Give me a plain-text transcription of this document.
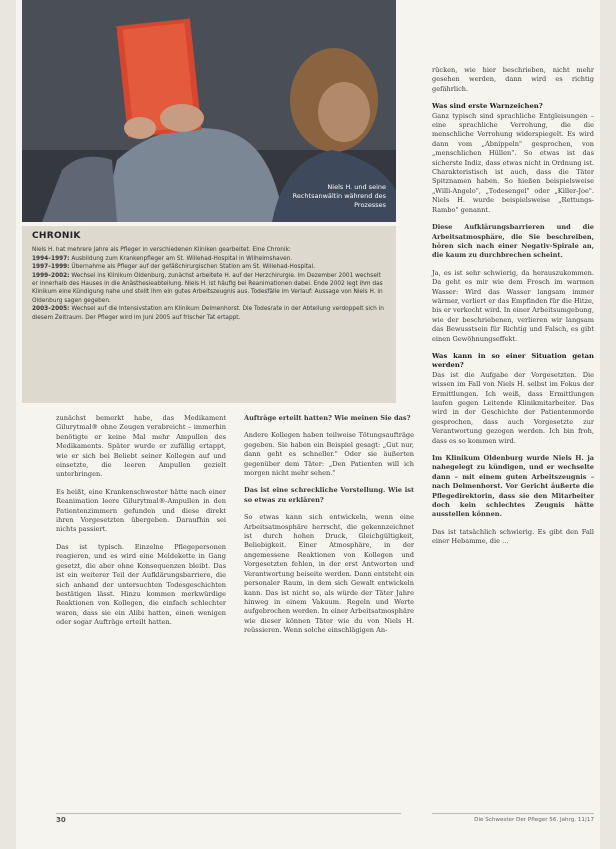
Niels H. und seine Rechtsanwältin während des Prozesses
CHRONIK

Niels H. hat mehrere Jahre als Pfleger in verschiedenen Kliniken gearbeitet. Eine Chronik:

1994–1997: Ausbildung zum Krankenpfleger am St. Willehad-Hospital in Wilhelmshaven.

1997–1999: Übernahme als Pfleger auf der gefäßchirurgischen Station am St. Willehad-Hospital.

1999–2002: Wechsel ins Klinikum Oldenburg, zunächst arbeitete H. auf der Herzchirurgie. Im Dezember 2001 wechselt er innerhalb des Hauses in die Anästhesieabteilung. Niels H. ist häufig bei Reanimationen dabei. Ende 2002 legt ihm das Klinikum eine Kündigung nahe und stellt ihm ein gutes Arbeitszeugnis aus. Todesfälle im Verlauf: Aussage von Niels H. in Oldenburg sagen gegeben.

2003–2005: Wechsel auf die Intensivstation am Klinikum Delmenhorst. Die Todesrate in der Abteilung verdoppelt sich in diesem Zeitraum. Der Pfleger wird im Juni 2005 auf frischer Tat ertappt.

zunächst bemerkt habe, das Medikament Gilurytmal® ohne Zeugen verabreicht – immerhin benötigte er keine Mal mehr Ampullen des Medikaments. Später wurde er zufällig ertappt, wie er sich bei Beliebt seiner Kollegen auf und einsetzte, die leeren Ampullen gezielt unterbringen.

Es heißt, eine Krankenschwester hätte nach einer Reanimation leere Gilurytmal®-Ampullen in den Patientenzimmern gefunden und diese direkt ihren Vorgesetzten übergeben. Daraufhin sei nichts passiert.

Das ist typisch. Einzelne Pflegepersonen reagieren, und es wird eine Meldekette in Gang gesetzt, die aber ohne Konsequenzen bleibt. Das ist ein weiterer Teil der Aufklärungsbarriere, die sich anhand der untersuchten Todesgeschichten bestätigen lässt. Hinzu kommen merkwürdige Reaktionen von Kollegen, die einfach schlechter waren, dass sie ein Alibi hatten, einen wenigen oder sogar Aufträge erteilt hatten.

Aufträge erteilt hatten? Wie meinen Sie das?

Andere Kollegen haben teilweise Tötungsaufträge gegeben. Sie haben ein Beispiel gesagt: „Gut nur, dann geht es schneller." Oder sie äußerten gegenüber dem Täter: „Den Patienten will ich morgen nicht mehr sehen."

Das ist eine schreckliche Vorstellung. Wie ist so etwas zu erklären?

So etwas kann sich entwickeln, wenn eine Arbeitsatmosphäre herrscht, die gekennzeichnet ist durch hohen Druck, Gleichgültigkeit, Beliebigkeit. Einer Atmosphäre, in der angemessene Reaktionen von Kollegen und Vorgesetzten fehlen, in der erst Antworten und Verantwortung beiseite werden. Dann entsteht ein personaler Raum, in dem sich Gewalt entwickeln kann. Das ist nicht so, als würde der Täter Jahre hinweg in einem Vakuum. Regeln und Werte aufgebrochen werden. In einer Arbeitsatmosphäre wie dieser können Täter wie du von Niels H. reüssieren. Wenn solche einschlägigen An-

rücken, wie hier beschrieben, nicht mehr gesehen werden, dann wird es richtig gefährlich.

Was sind erste Warnzeichen?

Ganz typisch sind sprachliche Entgleisungen – eine sprachliche Verrohung, die die menschliche Verrohung widerspiegelt. Es wird dann vom „Abnippeln" gesprochen, von „menschlichen Hüllen". So etwas ist das sicherste Indiz, dass etwas nicht in Ordnung ist. Charakteristisch ist auch, dass die Täter Spitznamen haben. So hießen beispielsweise „Willi-Angelo", „Todesengel" oder „Killer-Joe". Niels H. wurde beispielsweise „Rettungs-Rambo" genannt.

Diese Aufklärungsbarrieren und die Arbeitsatmosphäre, die Sie beschreiben, hören sich nach einer Negativ-Spirale an, die kaum zu durchbrechen scheint.

Ja, es ist sehr schwierig, da herauszukommen. Da geht es mir wie dem Frosch im warmen Wasser: Wird das Wasser langsam immer wärmer, verliert er das Empfinden für die Hitze, bis er verkocht wird. In einer Arbeitsumgebung, wie der beschriebenen, verlieren wir langsam das Bewusstsein für Richtig und Falsch, es gibt einen Gewöhnungseffekt.

Was kann in so einer Situation getan werden?

Das ist die Aufgabe der Vorgesetzten. Die wissen im Fall von Niels H. selbst im Fokus der Ermittlungen. Ich weiß, dass Ermittlungen laufen gegen Leitende Klinikmitarbeiter. Das wird in der Geschichte der Patientenmorde gesprochen, dass auch Vorgesetzte zur Verantwortung gezogen werden. Ich bin froh, dass es so kommen wird.

Im Klinikum Oldenburg wurde Niels H. ja nahegelegt zu kündigen, und er wechselte dann – mit einem guten Arbeitszeugnis – nach Delmenhorst. Vor Gericht äußerte die Pflegedirektorin, dass sie den Mitarbeiter doch kein schlechtes Zeugnis hätte ausstellen können.

Das ist tatsächlich schwierig. Es gibt den Fall einer Hebamme, die ...

30	Die Schwester Der Pfleger 56. Jahrg. 11|17
